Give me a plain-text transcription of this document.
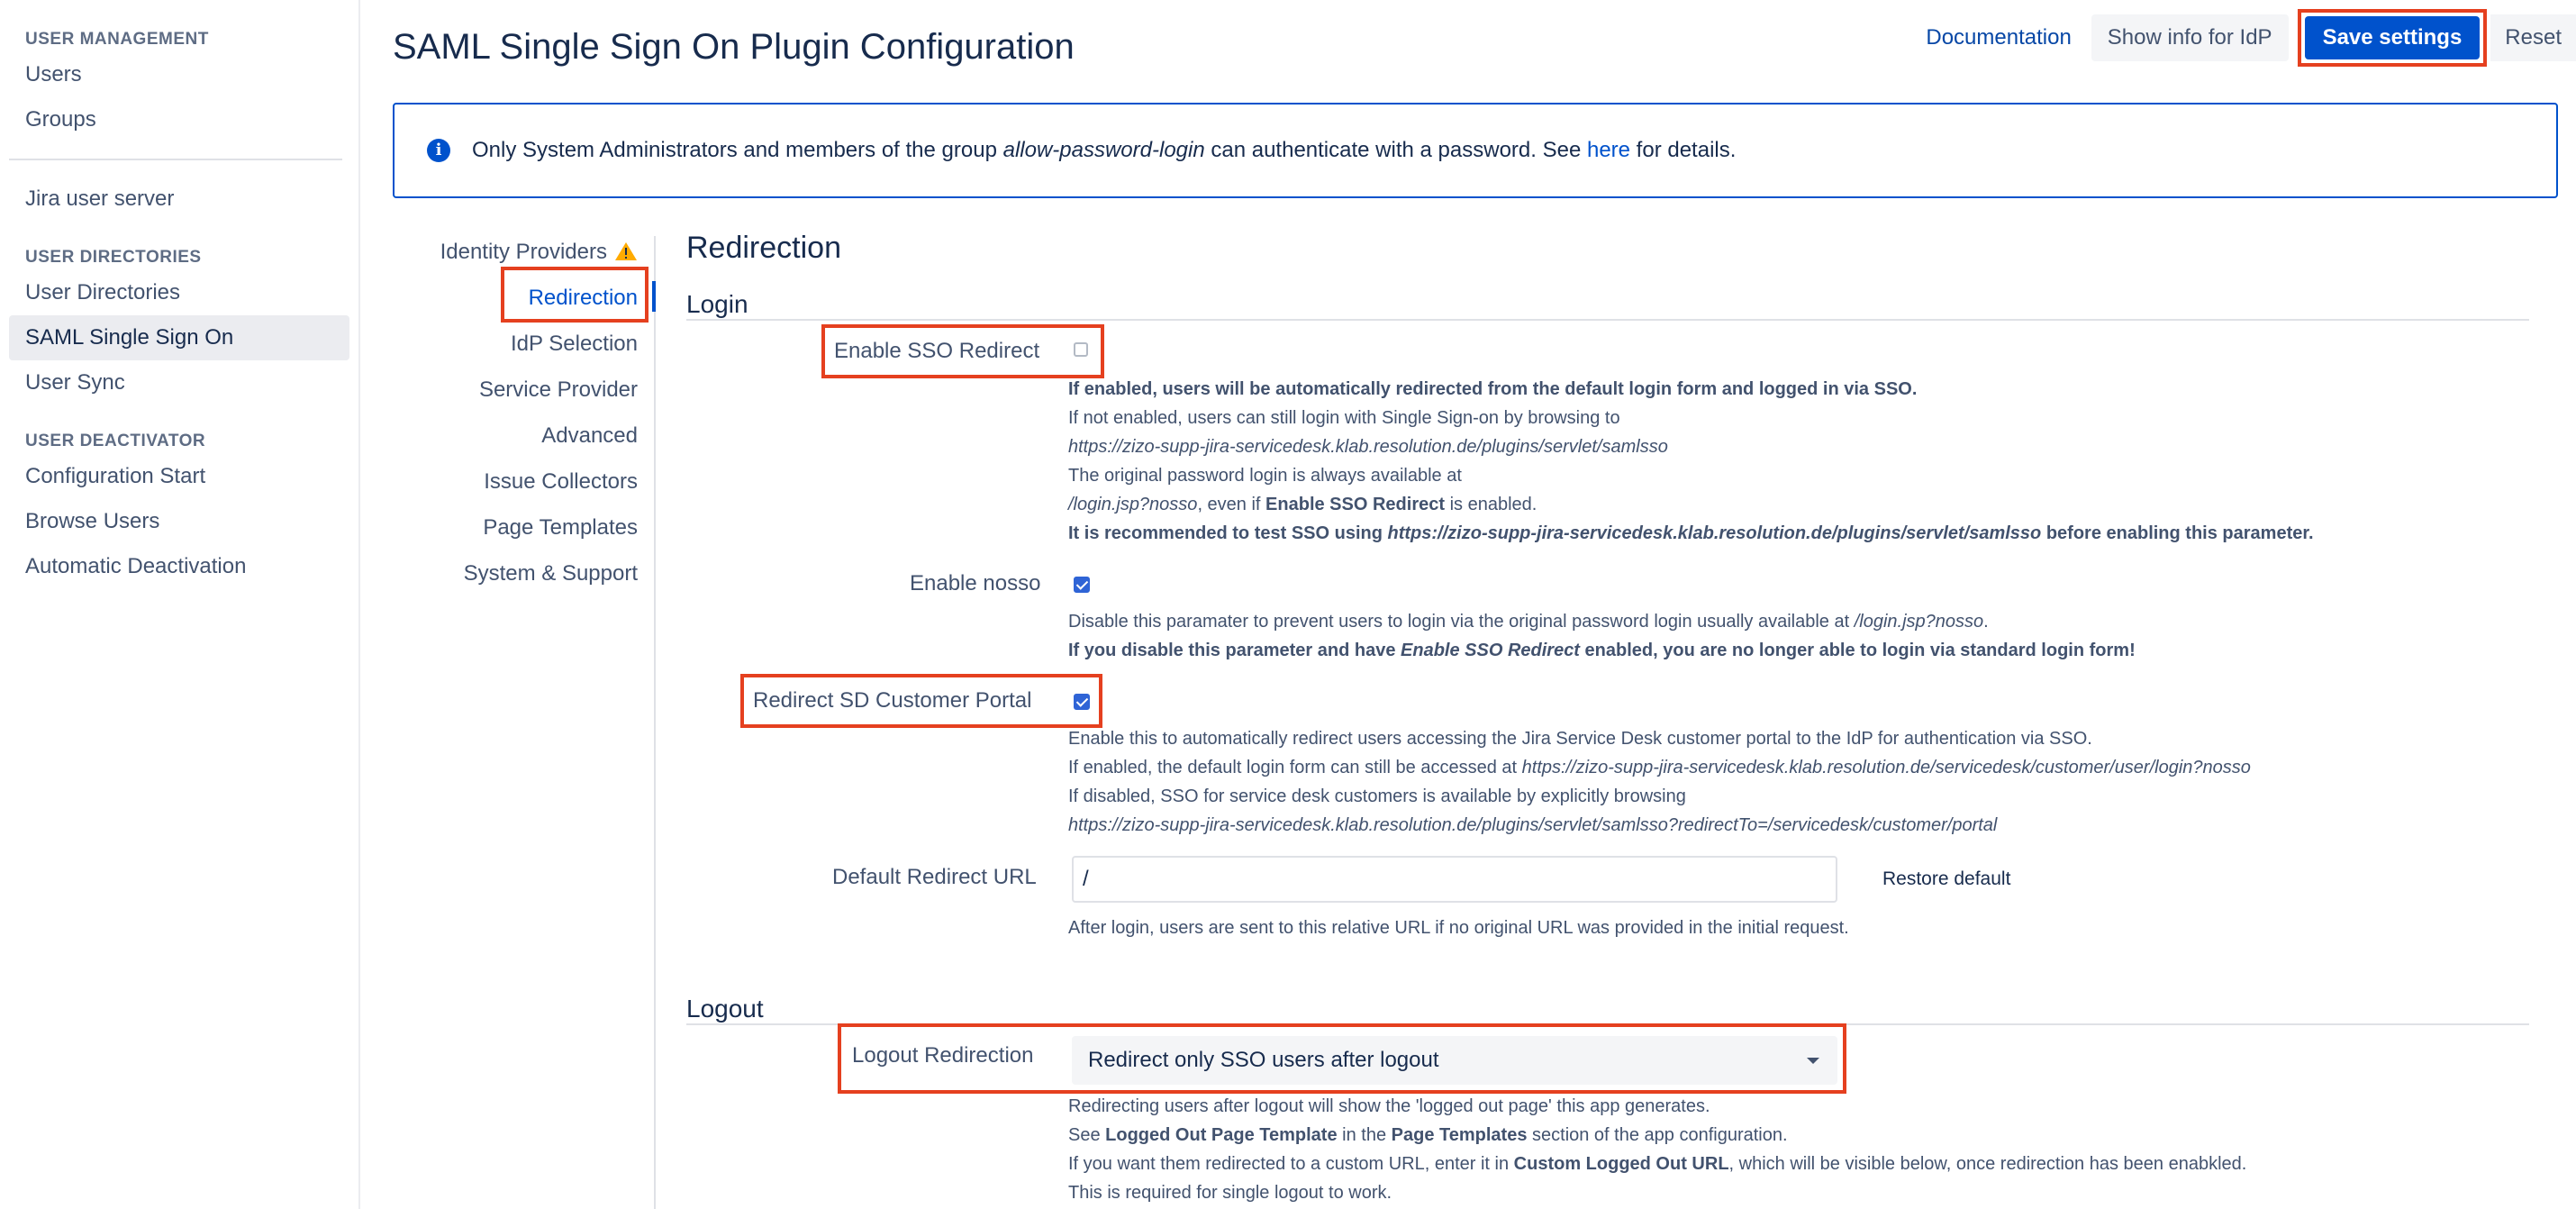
USER MANAGEMENT
Users
Groups
Jira user server
USER DIRECTORIES
User Directories
SAML Single Sign On
User Sync
USER DEACTIVATOR
Configuration Start
Browse Users
Automatic Deactivation
SAML Single Sign On Plugin Configuration	Documentation	Show info for IdP	Save settings	Reset
i	Only System Administrators and members of the group allow-password-login can authenticate with a password. See here for details.
Identity Providers
Redirection
IdP Selection
Service Provider
Advanced
Issue Collectors
Page Templates
System & Support
Redirection
Login
Enable SSO Redirect
If enabled, users will be automatically redirected from the default login form and logged in via SSO.
If not enabled, users can still login with Single Sign-on by browsing to
https://zizo-supp-jira-servicedesk.klab.resolution.de/plugins/servlet/samlsso
The original password login is always available at
/login.jsp?nosso, even if Enable SSO Redirect is enabled.
It is recommended to test SSO using https://zizo-supp-jira-servicedesk.klab.resolution.de/plugins/servlet/samlsso before enabling this parameter.
Enable nosso
Disable this paramater to prevent users to login via the original password login usually available at /login.jsp?nosso.
If you disable this parameter and have Enable SSO Redirect enabled, you are no longer able to login via standard login form!
Redirect SD Customer Portal
Enable this to automatically redirect users accessing the Jira Service Desk customer portal to the IdP for authentication via SSO.
If enabled, the default login form can still be accessed at https://zizo-supp-jira-servicedesk.klab.resolution.de/servicedesk/customer/user/login?nosso
If disabled, SSO for service desk customers is available by explicitly browsing
https://zizo-supp-jira-servicedesk.klab.resolution.de/plugins/servlet/samlsso?redirectTo=/servicedesk/customer/portal
Default Redirect URL
/	Restore default
After login, users are sent to this relative URL if no original URL was provided in the initial request.
Logout
Logout Redirection	Redirect only SSO users after logout
Redirecting users after logout will show the 'logged out page' this app generates.
See Logged Out Page Template in the Page Templates section of the app configuration.
If you want them redirected to a custom URL, enter it in Custom Logged Out URL, which will be visible below, once redirection has been enabkled.
This is required for single logout to work.
